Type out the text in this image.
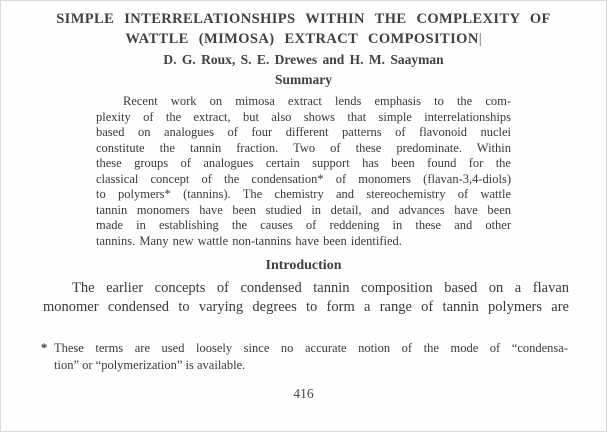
SIMPLE INTERRELATIONSHIPS WITHIN THE COMPLEXITY OF
WATTLE (MIMOSA) EXTRACT COMPOSITION|
D. G. Roux, S. E. Drewes and H. M. Saayman
Summary
Recent work on mimosa extract lends emphasis to the com-
plexity of the extract, but also shows that simple interrelationships
based on analogues of four different patterns of flavonoid nuclei
constitute the tannin fraction. Two of these predominate. Within
these groups of analogues certain support has been found for the
classical concept of the condensation* of monomers (flavan-3,4-diols)
to polymers* (tannins). The chemistry and stereochemistry of wattle
tannin monomers have been studied in detail, and advances have been
made in establishing the causes of reddening in these and other
tannins. Many new wattle non-tannins have been identified.
Introduction
The earlier concepts of condensed tannin composition based on a flavan
monomer condensed to varying degrees to form a range of tannin polymers are
* These terms are used loosely since no accurate notion of the mode of “condensa-
tion” or “polymerization” is available.
416
